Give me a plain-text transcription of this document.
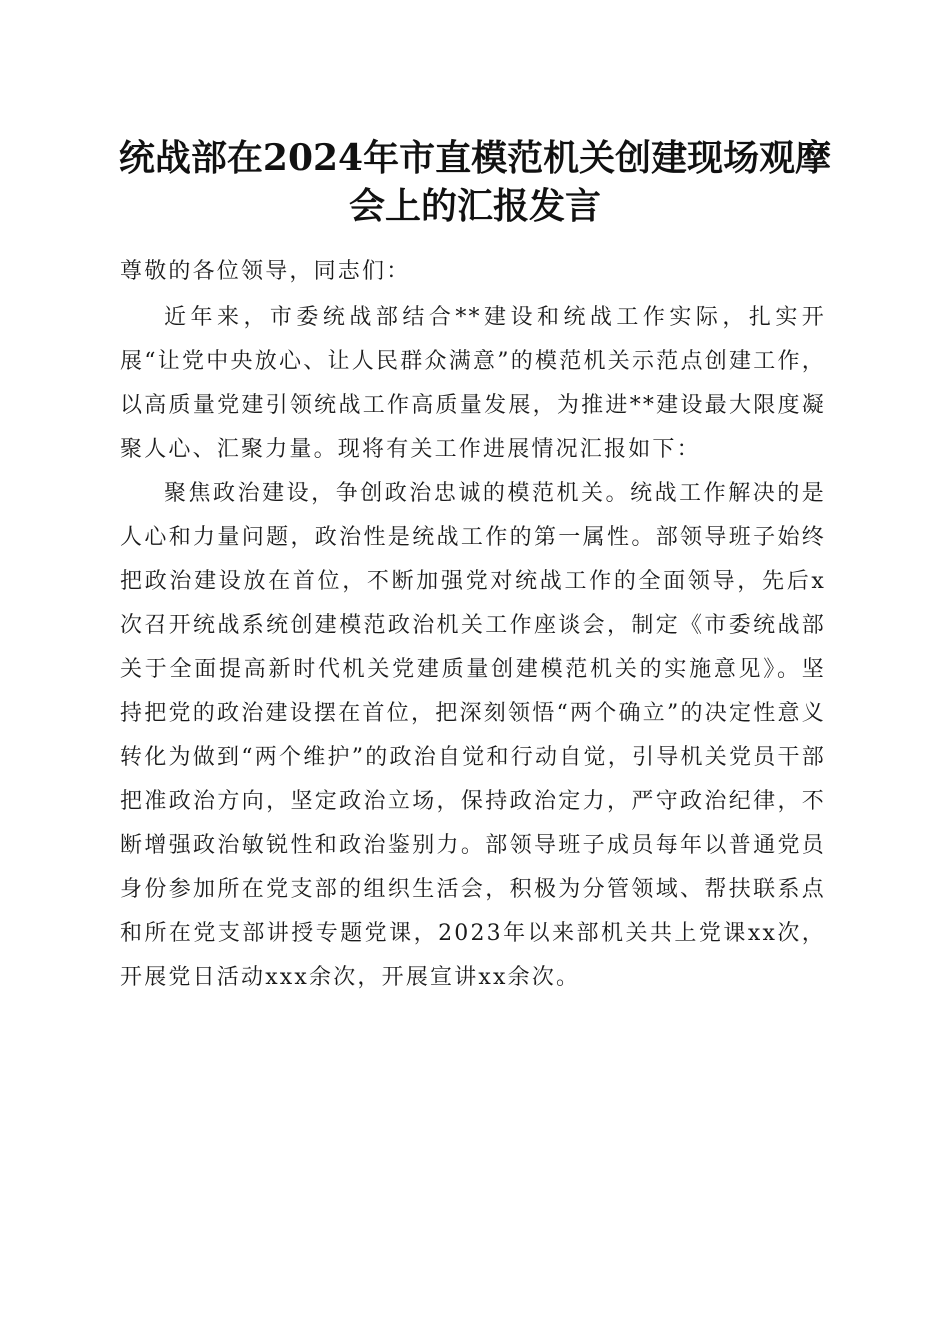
统战部在2024年市直模范机关创建现场观摩
会上的汇报发言

尊敬的各位领导，同志们：

近年来，市委统战部结合**建设和统战工作实际，扎实开展“让党中央放心、让人民群众满意”的模范机关示范点创建工作，以高质量党建引领统战工作高质量发展，为推进**建设最大限度凝聚人心、汇聚力量。现将有关工作进展情况汇报如下：

聚焦政治建设，争创政治忠诚的模范机关。统战工作解决的是人心和力量问题，政治性是统战工作的第一属性。部领导班子始终把政治建设放在首位，不断加强党对统战工作的全面领导，先后x次召开统战系统创建模范政治机关工作座谈会，制定《市委统战部关于全面提高新时代机关党建质量创建模范机关的实施意见》。坚持把党的政治建设摆在首位，把深刻领悟“两个确立”的决定性意义转化为做到“两个维护”的政治自觉和行动自觉，引导机关党员干部把准政治方向，坚定政治立场，保持政治定力，严守政治纪律，不断增强政治敏锐性和政治鉴别力。部领导班子成员每年以普通党员身份参加所在党支部的组织生活会，积极为分管领域、帮扶联系点和所在党支部讲授专题党课，2023年以来部机关共上党课xx次，开展党日活动xxx余次，开展宣讲xx余次。
